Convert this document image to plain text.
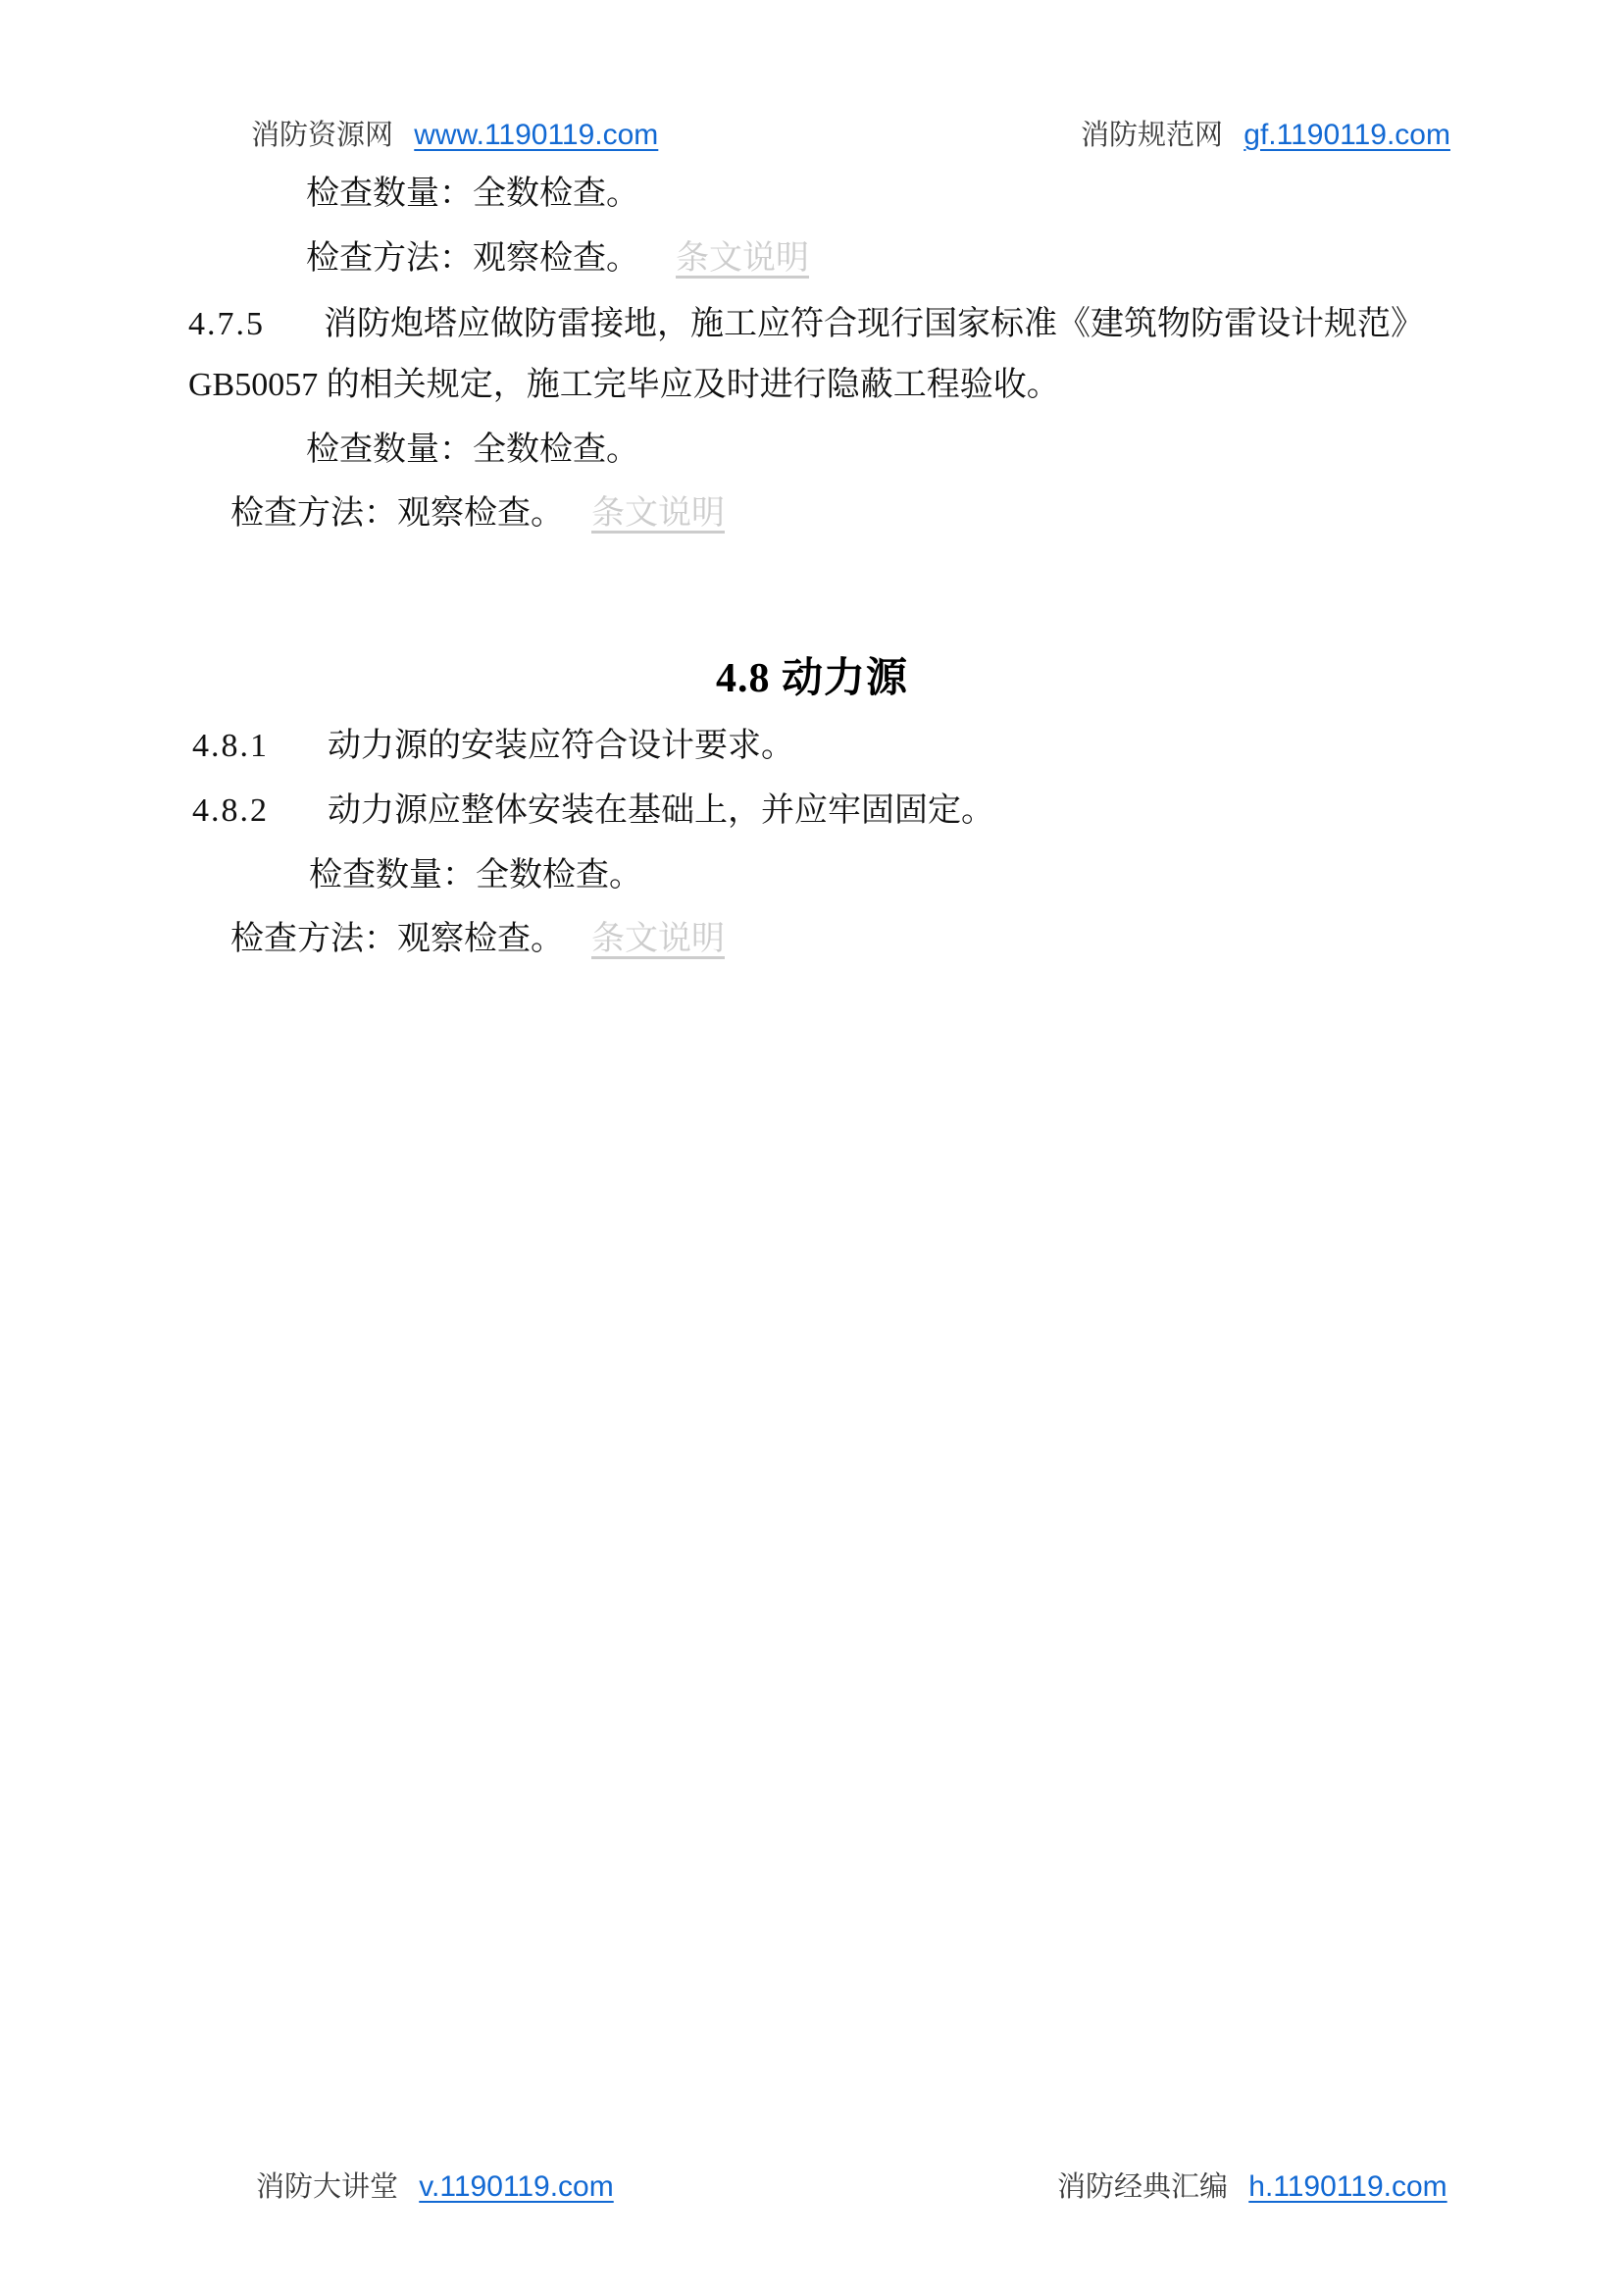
消防资源网 www.1190119.com	消防规范网 gf.1190119.com
检查数量：全数检查。
检查方法：观察检查。 条文说明
4.7.5 消防炮塔应做防雷接地，施工应符合现行国家标准《建筑物防雷设计规范》
GB50057 的相关规定，施工完毕应及时进行隐蔽工程验收。
检查数量：全数检查。
检查方法：观察检查。 条文说明
4.8 动力源
4.8.1 动力源的安装应符合设计要求。
4.8.2 动力源应整体安装在基础上，并应牢固固定。
检查数量：全数检查。
检查方法：观察检查。 条文说明
消防大讲堂 v.1190119.com	消防经典汇编 h.1190119.com
